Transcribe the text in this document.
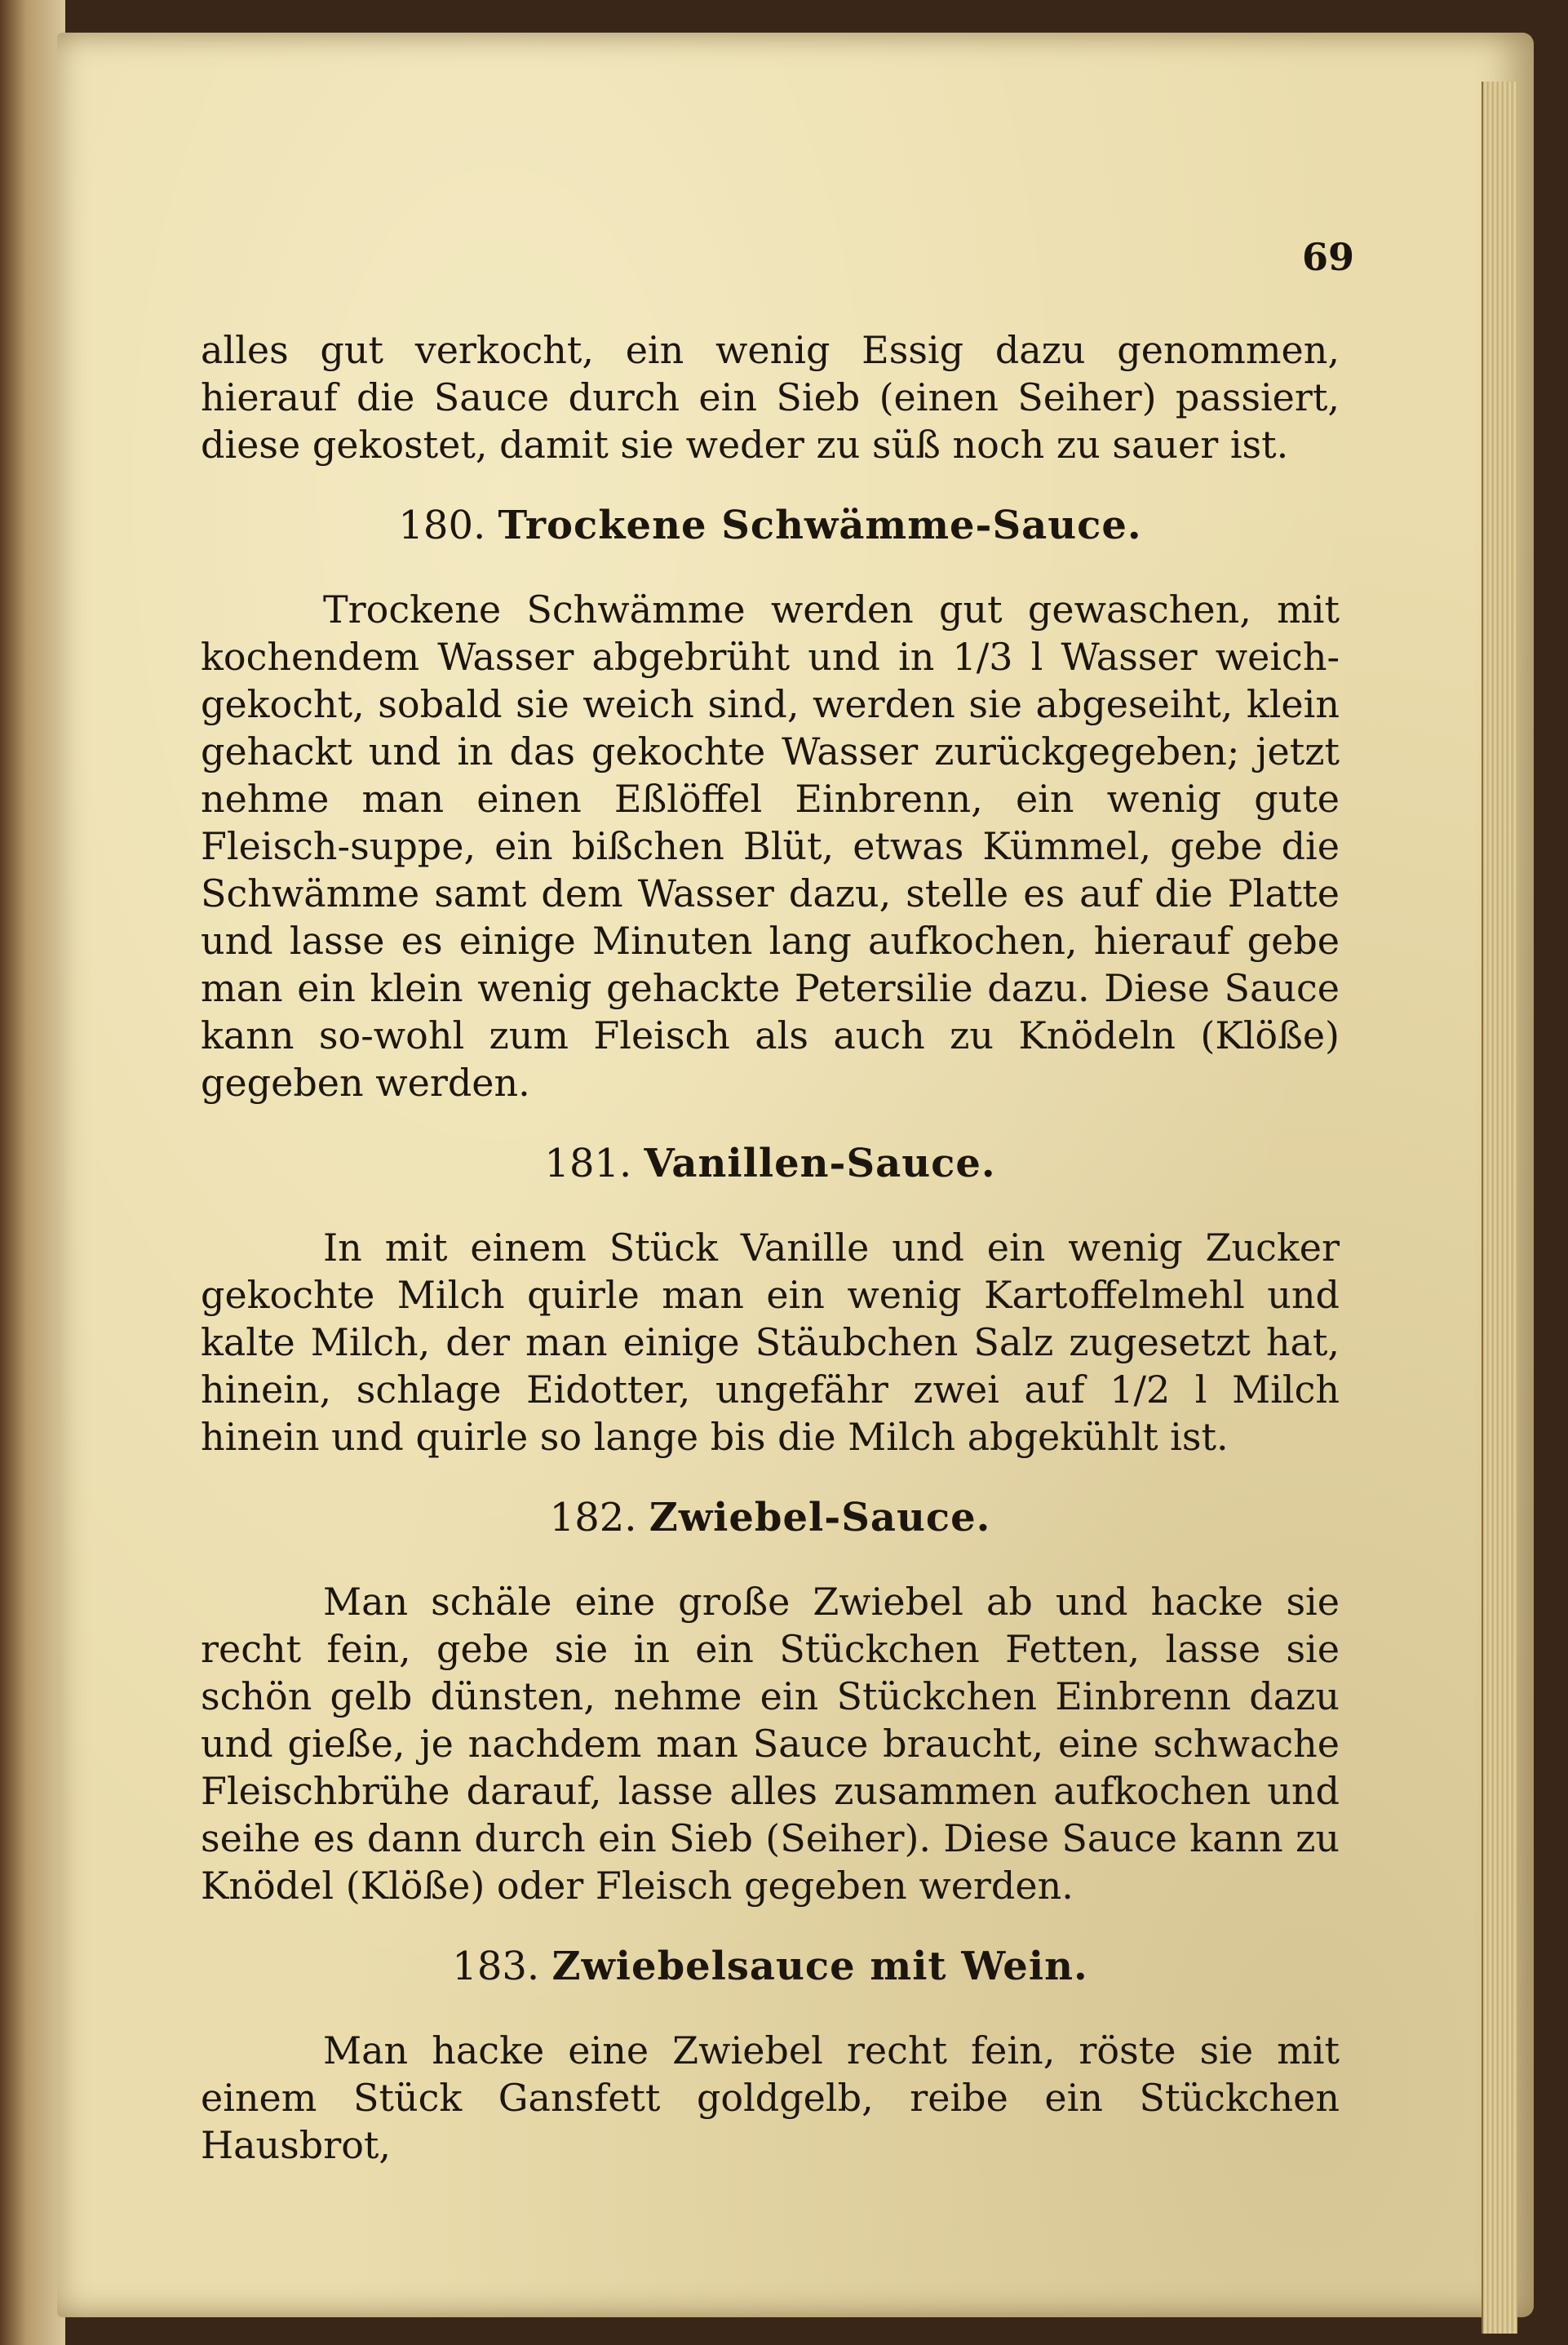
69

alles gut verkocht, ein wenig Essig dazu genommen, hierauf die Sauce durch ein Sieb (einen Seiher) passiert, diese gekostet, damit sie weder zu süß noch zu sauer ist.

180. Trockene Schwämme-Sauce.

Trockene Schwämme werden gut gewaschen, mit kochendem Wasser abgebrüht und in 1/3 l Wasser weich-gekocht, sobald sie weich sind, werden sie abgeseiht, klein gehackt und in das gekochte Wasser zurückgegeben; jetzt nehme man einen Eßlöffel Einbrenn, ein wenig gute Fleisch-suppe, ein bißchen Blüt, etwas Kümmel, gebe die Schwämme samt dem Wasser dazu, stelle es auf die Platte und lasse es einige Minuten lang aufkochen, hierauf gebe man ein klein wenig gehackte Petersilie dazu. Diese Sauce kann so-wohl zum Fleisch als auch zu Knödeln (Klöße) gegeben werden.

181. Vanillen-Sauce.

In mit einem Stück Vanille und ein wenig Zucker gekochte Milch quirle man ein wenig Kartoffelmehl und kalte Milch, der man einige Stäubchen Salz zugesetzt hat, hinein, schlage Eidotter, ungefähr zwei auf 1/2 l Milch hinein und quirle so lange bis die Milch abgekühlt ist.

182. Zwiebel-Sauce.

Man schäle eine große Zwiebel ab und hacke sie recht fein, gebe sie in ein Stückchen Fetten, lasse sie schön gelb dünsten, nehme ein Stückchen Einbrenn dazu und gieße, je nachdem man Sauce braucht, eine schwache Fleischbrühe darauf, lasse alles zusammen aufkochen und seihe es dann durch ein Sieb (Seiher). Diese Sauce kann zu Knödel (Klöße) oder Fleisch gegeben werden.

183. Zwiebelsauce mit Wein.

Man hacke eine Zwiebel recht fein, röste sie mit einem Stück Gansfett goldgelb, reibe ein Stückchen Hausbrot,
